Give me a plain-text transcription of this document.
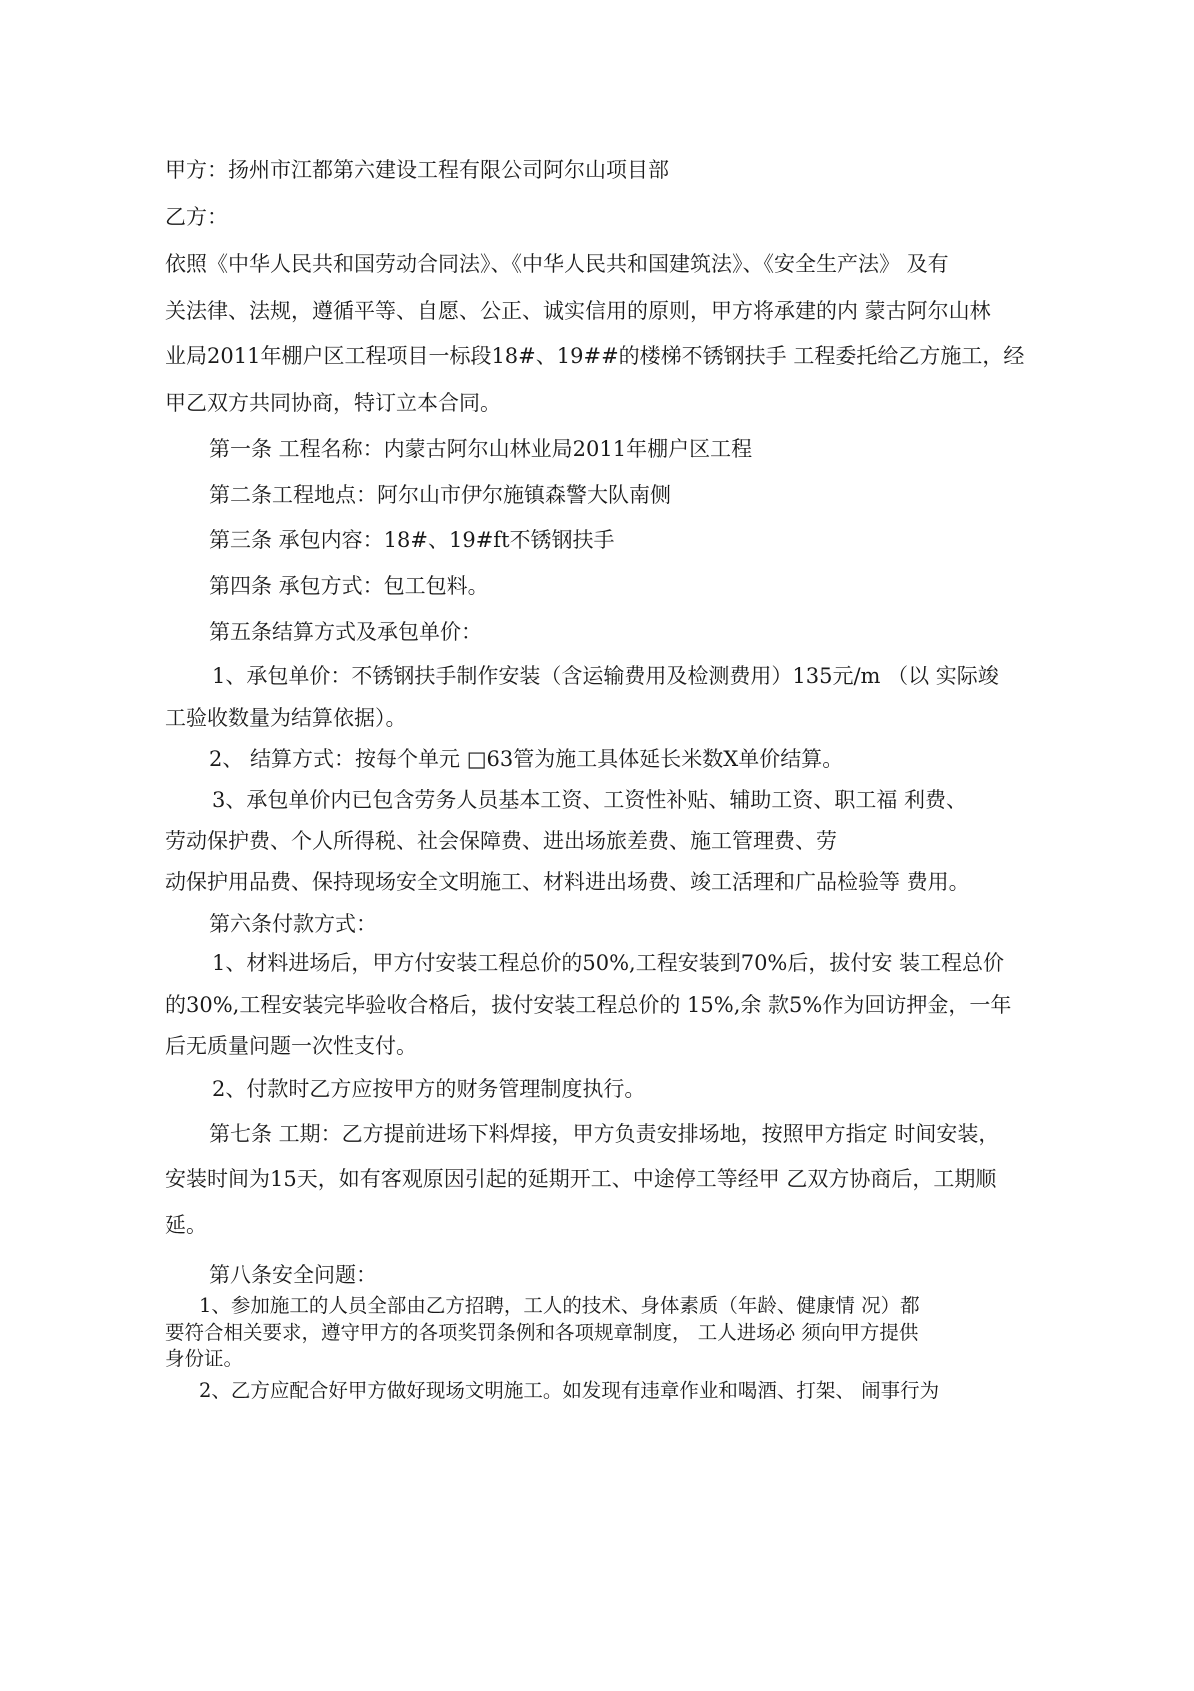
甲方：扬州市江都第六建设工程有限公司阿尔山项目部
乙方：
依照《中华人民共和国劳动合同法》、《中华人民共和国建筑法》、《安全生产法》 及有
关法律、法规，遵循平等、自愿、公正、诚实信用的原则，甲方将承建的内 蒙古阿尔山林
业局2011年棚户区工程项目一标段18#、19##的楼梯不锈钢扶手 工程委托给乙方施工，经
甲乙双方共同协商，特订立本合同。
第一条 工程名称：内蒙古阿尔山林业局2011年棚户区工程
第二条工程地点：阿尔山市伊尔施镇森警大队南侧
第三条 承包内容：18#、19#ft不锈钢扶手
第四条 承包方式：包工包料。
第五条结算方式及承包单价：
1、承包单价：不锈钢扶手制作安装（含运输费用及检测费用）135元/m （以 实际竣
工验收数量为结算依据）。
2、 结算方式：按每个单元 □63管为施工具体延长米数X单价结算。
3、承包单价内已包含劳务人员基本工资、工资性补贴、辅助工资、职工福 利费、
劳动保护费、个人所得税、社会保障费、进出场旅差费、施工管理费、劳
动保护用品费、保持现场安全文明施工、材料进出场费、竣工活理和广品检验等 费用。
第六条付款方式：
1、材料进场后，甲方付安装工程总价的50%,工程安装到70%后，拔付安 装工程总价
的30%,工程安装完毕验收合格后，拔付安装工程总价的 15%,余 款5%作为回访押金，一年
后无质量问题一次性支付。
2、付款时乙方应按甲方的财务管理制度执行。
第七条 工期：乙方提前进场下料焊接，甲方负责安排场地，按照甲方指定 时间安装，
安装时间为15天，如有客观原因引起的延期开工、中途停工等经甲 乙双方协商后，工期顺
延。
第八条安全问题：
1、参加施工的人员全部由乙方招聘，工人的技术、身体素质（年龄、健康情 况）都
要符合相关要求，遵守甲方的各项奖罚条例和各项规章制度， 工人进场必 须向甲方提供
身份证。
2、乙方应配合好甲方做好现场文明施工。如发现有违章作业和喝酒、打架、 闹事行为
